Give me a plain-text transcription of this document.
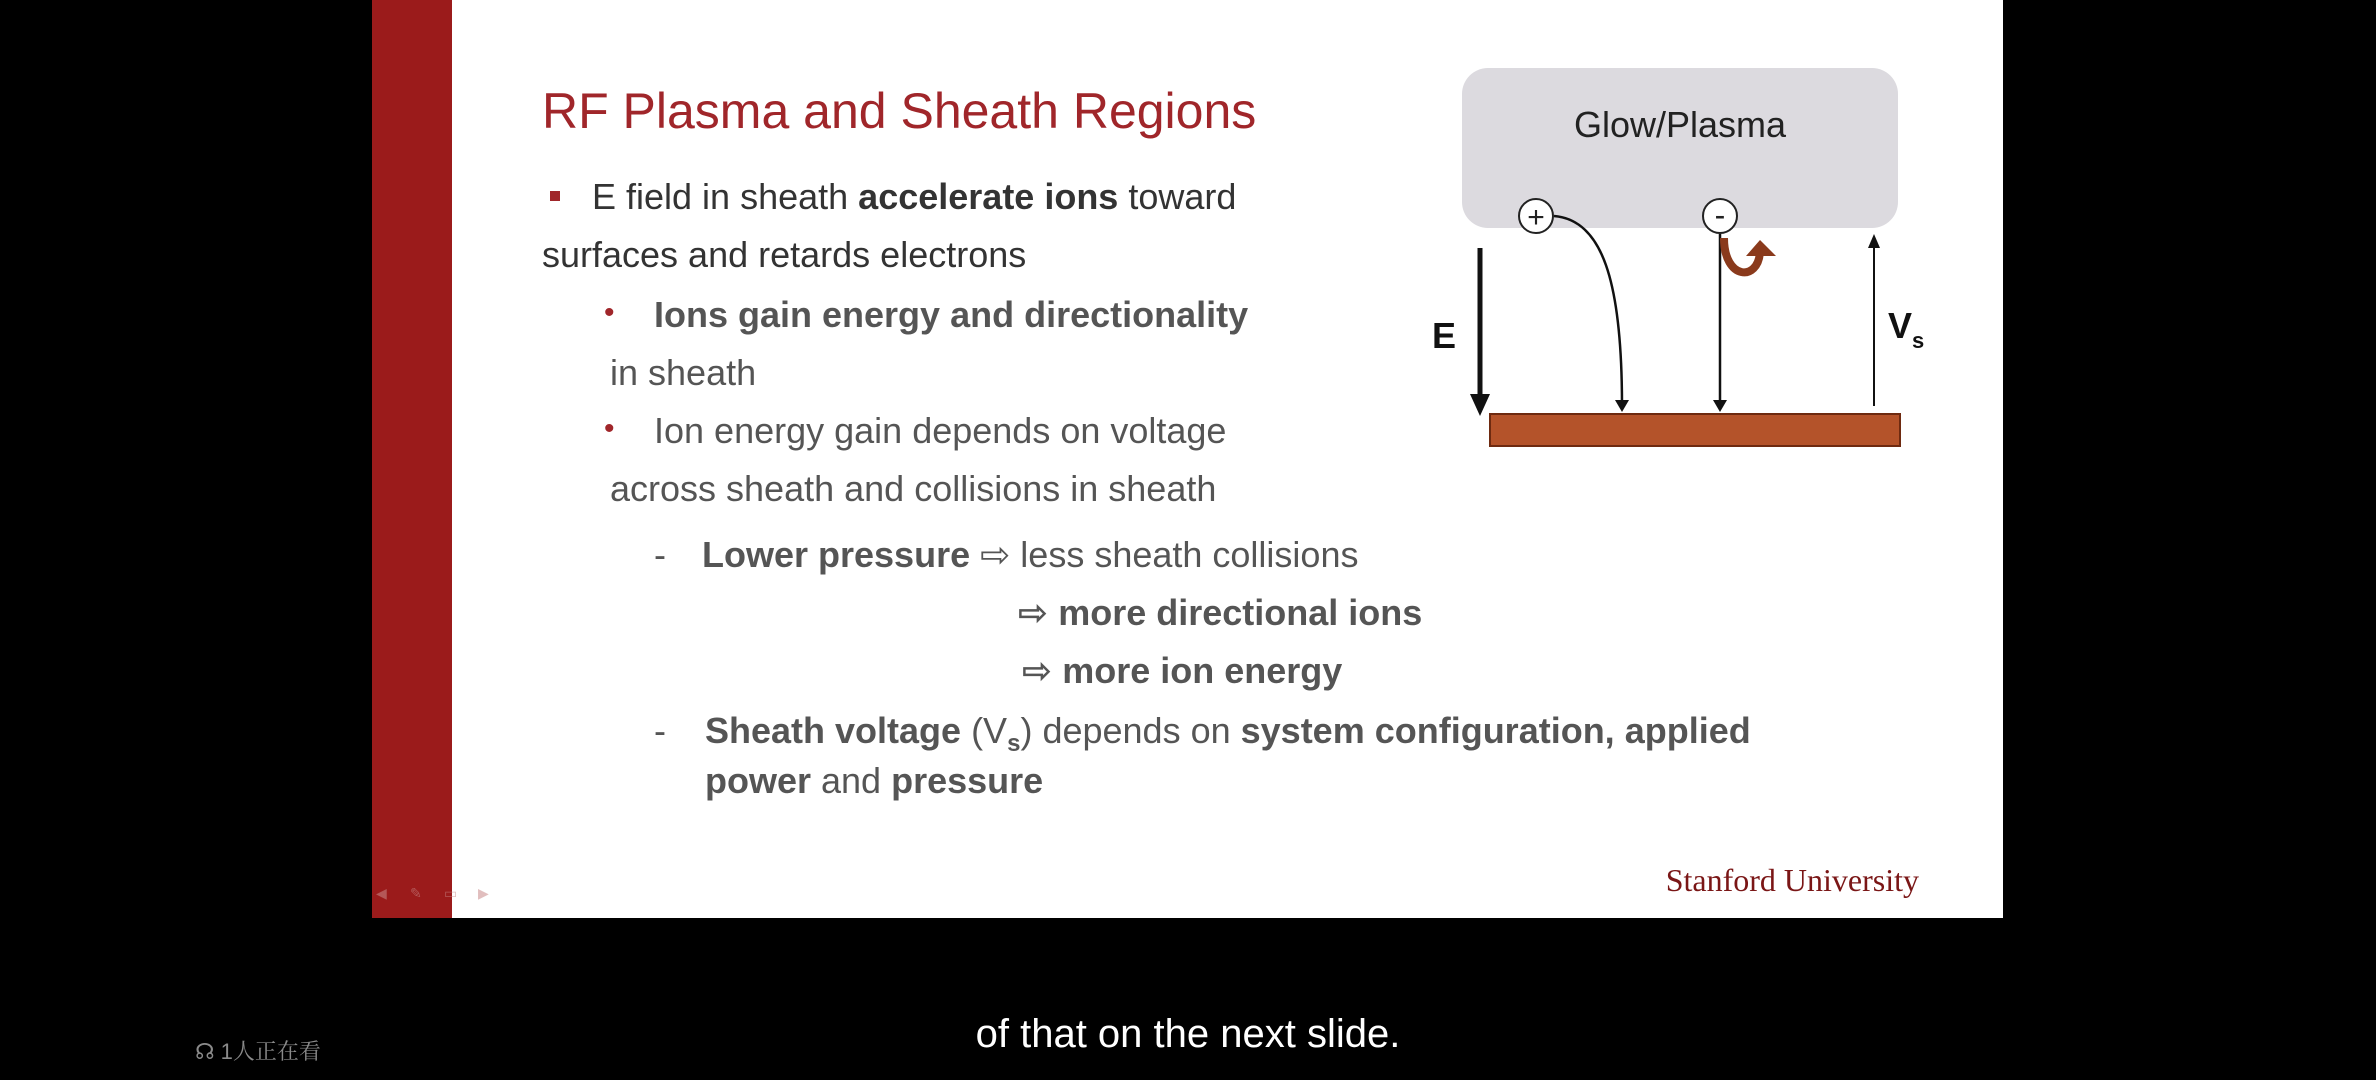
◀	✎	▭	▶
RF Plasma and Sheath Regions
E field in sheath accelerate ions toward
surfaces and retards electrons
• Ions gain energy and directionality
in sheath
• Ion energy gain depends on voltage
across sheath and collisions in sheath
- Lower pressure ⇨ less sheath collisions
⇨ more directional ions
⇨ more ion energy
- Sheath voltage $(V_s)$ depends on system configuration, applied
power and pressure
Glow/Plasma
+	-
E	$V_s$
Stanford University
of that on the next slide.
☊ 1人正在看
